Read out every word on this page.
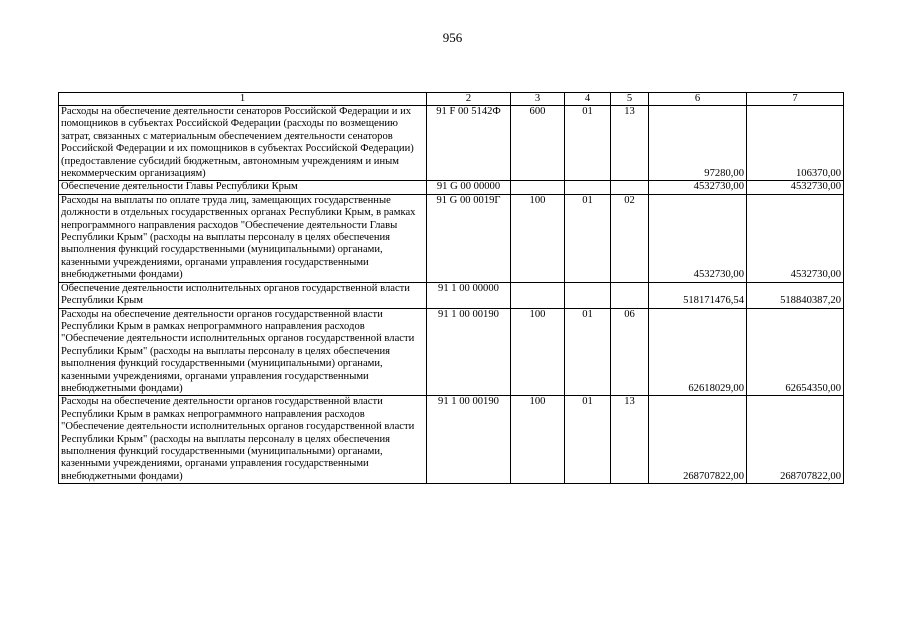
956
1	2	3	4	5	6	7
Расходы на обеспечение деятельности сенаторов Российской Федерации и их помощников в субъектах Российской Федерации (расходы по возмещению затрат, связанных с материальным обеспечением деятельности сенаторов Российской Федерации и их помощников в субъектах Российской Федерации) (предоставление субсидий бюджетным, автономным учреждениям и иным некоммерческим организациям)	91 F 00 5142Ф	600	01	13	97280,00	106370,00
Обеспечение деятельности Главы Республики Крым	91 G 00 00000				4532730,00	4532730,00
Расходы на выплаты по оплате труда лиц, замещающих государственные должности в отдельных государственных органах Республики Крым, в рамках непрограммного направления расходов "Обеспечение деятельности Главы Республики Крым" (расходы на выплаты персоналу в целях обеспечения выполнения функций государственными (муниципальными) органами, казенными учреждениями, органами управления государственными внебюджетными фондами)	91 G 00 0019Г	100	01	02	4532730,00	4532730,00
Обеспечение деятельности исполнительных органов государственной власти Республики Крым	91 1 00 00000				518171476,54	518840387,20
Расходы на обеспечение деятельности органов государственной власти Республики Крым в рамках непрограммного направления расходов "Обеспечение деятельности исполнительных органов государственной власти Республики Крым" (расходы на выплаты персоналу в целях обеспечения выполнения функций государственными (муниципальными) органами, казенными учреждениями, органами управления государственными внебюджетными фондами)	91 1 00 00190	100	01	06	62618029,00	62654350,00
Расходы на обеспечение деятельности органов государственной власти Республики Крым в рамках непрограммного направления расходов "Обеспечение деятельности исполнительных органов государственной власти Республики Крым" (расходы на выплаты персоналу в целях обеспечения выполнения функций государственными (муниципальными) органами, казенными учреждениями, органами управления государственными внебюджетными фондами)	91 1 00 00190	100	01	13	268707822,00	268707822,00
